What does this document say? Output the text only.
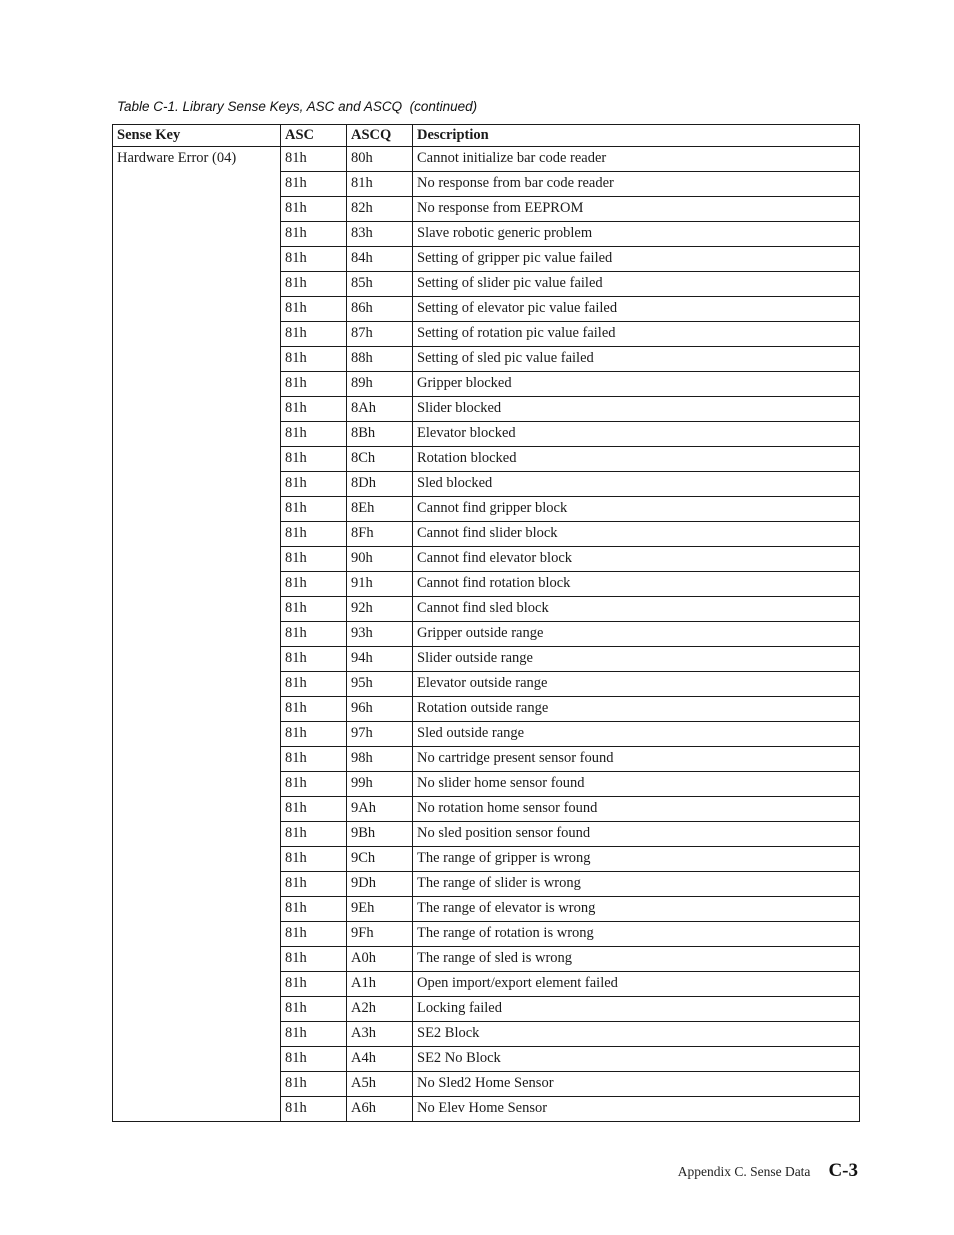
Table C-1. Library Sense Keys, ASC and ASCQ  (continued)
Sense Key	ASC	ASCQ	Description
Hardware Error (04)	81h	80h	Cannot initialize bar code reader
	81h	81h	No response from bar code reader
	81h	82h	No response from EEPROM
	81h	83h	Slave robotic generic problem
	81h	84h	Setting of gripper pic value failed
	81h	85h	Setting of slider pic value failed
	81h	86h	Setting of elevator pic value failed
	81h	87h	Setting of rotation pic value failed
	81h	88h	Setting of sled pic value failed
	81h	89h	Gripper blocked
	81h	8Ah	Slider blocked
	81h	8Bh	Elevator blocked
	81h	8Ch	Rotation blocked
	81h	8Dh	Sled blocked
	81h	8Eh	Cannot find gripper block
	81h	8Fh	Cannot find slider block
	81h	90h	Cannot find elevator block
	81h	91h	Cannot find rotation block
	81h	92h	Cannot find sled block
	81h	93h	Gripper outside range
	81h	94h	Slider outside range
	81h	95h	Elevator outside range
	81h	96h	Rotation outside range
	81h	97h	Sled outside range
	81h	98h	No cartridge present sensor found
	81h	99h	No slider home sensor found
	81h	9Ah	No rotation home sensor found
	81h	9Bh	No sled position sensor found
	81h	9Ch	The range of gripper is wrong
	81h	9Dh	The range of slider is wrong
	81h	9Eh	The range of elevator is wrong
	81h	9Fh	The range of rotation is wrong
	81h	A0h	The range of sled is wrong
	81h	A1h	Open import/export element failed
	81h	A2h	Locking failed
	81h	A3h	SE2 Block
	81h	A4h	SE2 No Block
	81h	A5h	No Sled2 Home Sensor
	81h	A6h	No Elev Home Sensor
Appendix C. Sense Data C-3
